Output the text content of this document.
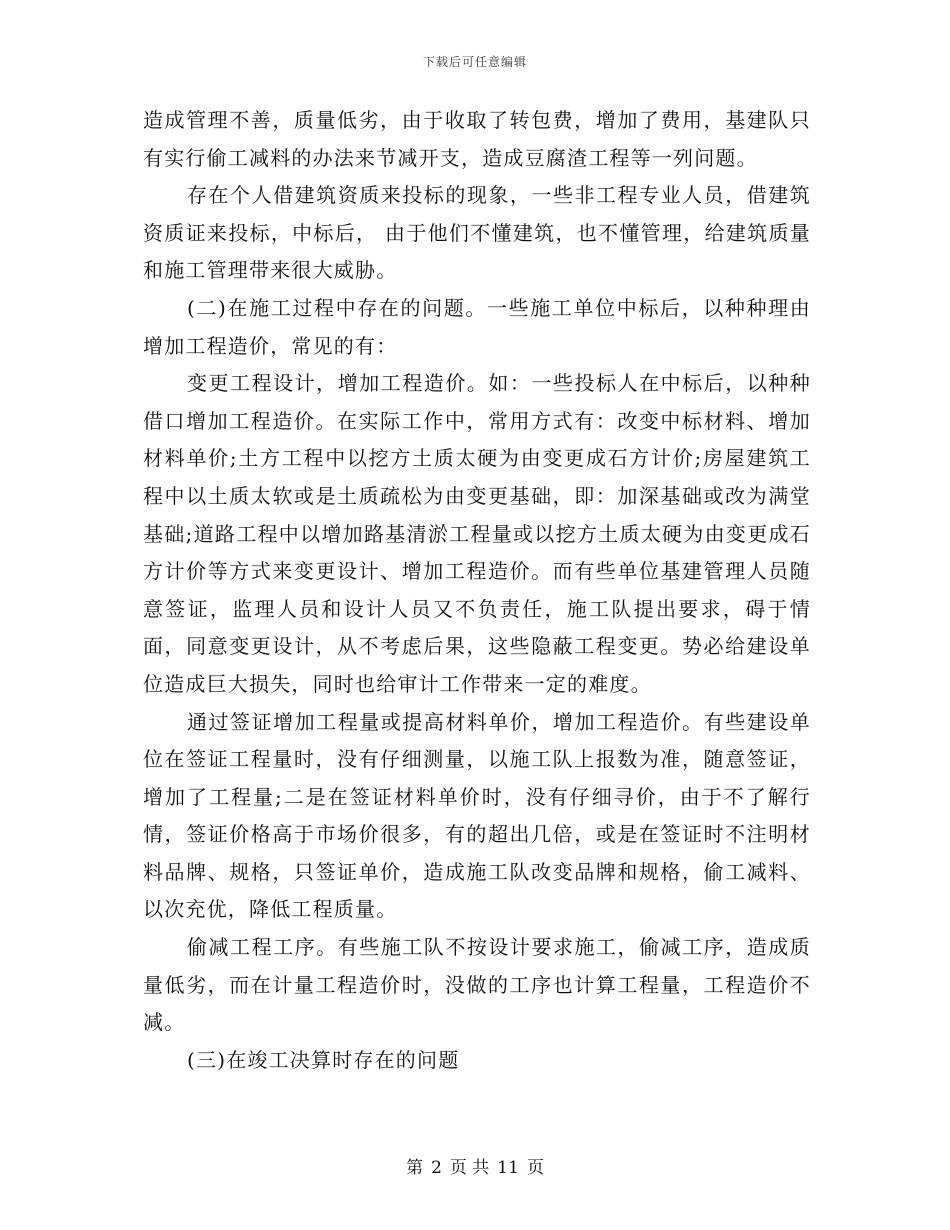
下载后可任意编辑

造成管理不善，质量低劣，由于收取了转包费，增加了费用，基建队只有实行偷工减料的办法来节减开支，造成豆腐渣工程等一列问题。

存在个人借建筑资质来投标的现象，一些非工程专业人员，借建筑资质证来投标，中标后， 由于他们不懂建筑，也不懂管理，给建筑质量和施工管理带来很大威胁。

(二)在施工过程中存在的问题。一些施工单位中标后，以种种理由增加工程造价，常见的有：

变更工程设计，增加工程造价。如：一些投标人在中标后，以种种借口增加工程造价。在实际工作中，常用方式有：改变中标材料、增加材料单价;土方工程中以挖方土质太硬为由变更成石方计价;房屋建筑工程中以土质太软或是土质疏松为由变更基础，即：加深基础或改为满堂基础;道路工程中以增加路基清淤工程量或以挖方土质太硬为由变更成石方计价等方式来变更设计、增加工程造价。而有些单位基建管理人员随意签证，监理人员和设计人员又不负责任，施工队提出要求，碍于情面，同意变更设计，从不考虑后果，这些隐蔽工程变更。势必给建设单位造成巨大损失，同时也给审计工作带来一定的难度。

通过签证增加工程量或提高材料单价，增加工程造价。有些建设单位在签证工程量时，没有仔细测量，以施工队上报数为准，随意签证，增加了工程量;二是在签证材料单价时，没有仔细寻价，由于不了解行情，签证价格高于市场价很多，有的超出几倍，或是在签证时不注明材料品牌、规格，只签证单价，造成施工队改变品牌和规格，偷工减料、以次充优，降低工程质量。

偷减工程工序。有些施工队不按设计要求施工，偷减工序，造成质量低劣，而在计量工程造价时，没做的工序也计算工程量，工程造价不减。

(三)在竣工决算时存在的问题

第 2 页 共 11 页
